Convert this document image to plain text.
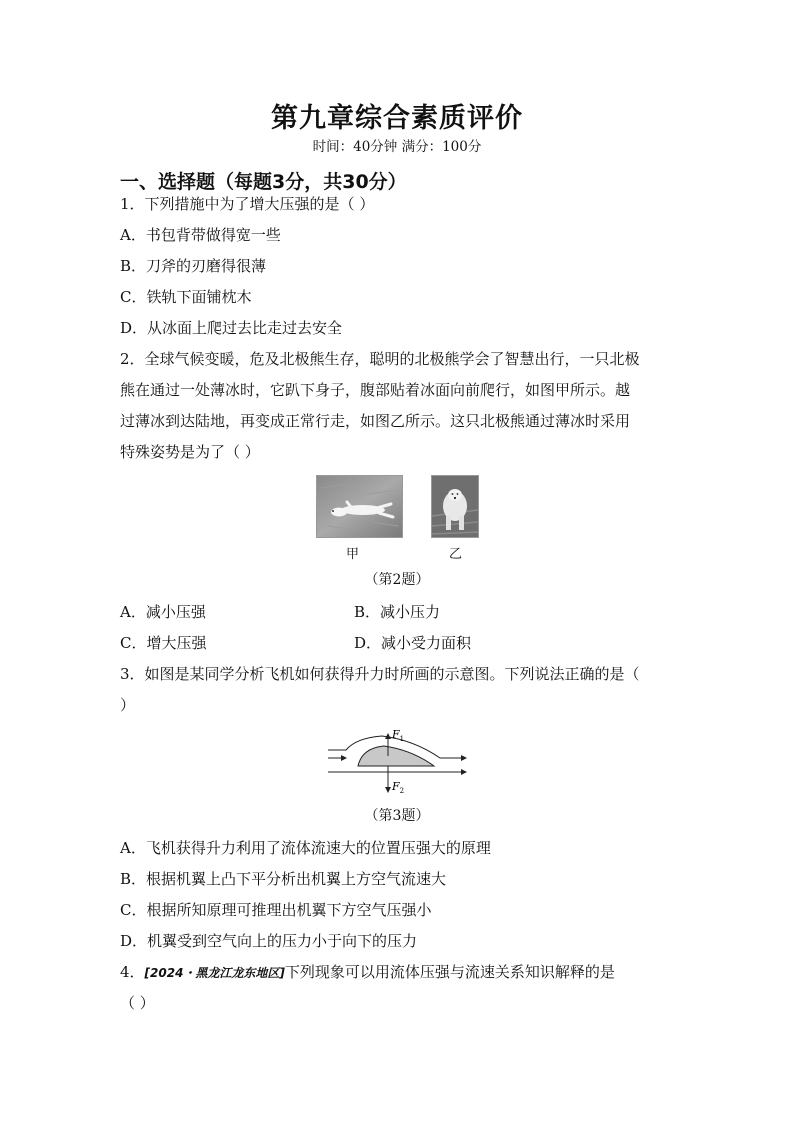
第九章综合素质评价
时间：40分钟 满分：100分
一、选择题（每题3分，共30分）
1．下列措施中为了增大压强的是（ ）
A．书包背带做得宽一些
B．刀斧的刃磨得很薄
C．铁轨下面铺枕木
D．从冰面上爬过去比走过去安全
2．全球气候变暖，危及北极熊生存，聪明的北极熊学会了智慧出行，一只北极
熊在通过一处薄冰时，它趴下身子，腹部贴着冰面向前爬行，如图甲所示。越
过薄冰到达陆地，再变成正常行走，如图乙所示。这只北极熊通过薄冰时采用
特殊姿势是为了（ ）
甲	乙
（第2题）
A．减小压强	B．减小压力
C．增大压强	D．减小受力面积
3．如图是某同学分析飞机如何获得升力时所画的示意图。下列说法正确的是（
）
$F_1$
$F_2$
（第3题）
A．飞机获得升力利用了流体流速大的位置压强大的原理
B．根据机翼上凸下平分析出机翼上方空气流速大
C．根据所知原理可推理出机翼下方空气压强小
D．机翼受到空气向上的压力小于向下的压力
4．[2024・黑龙江龙东地区]下列现象可以用流体压强与流速关系知识解释的是
（ ）
